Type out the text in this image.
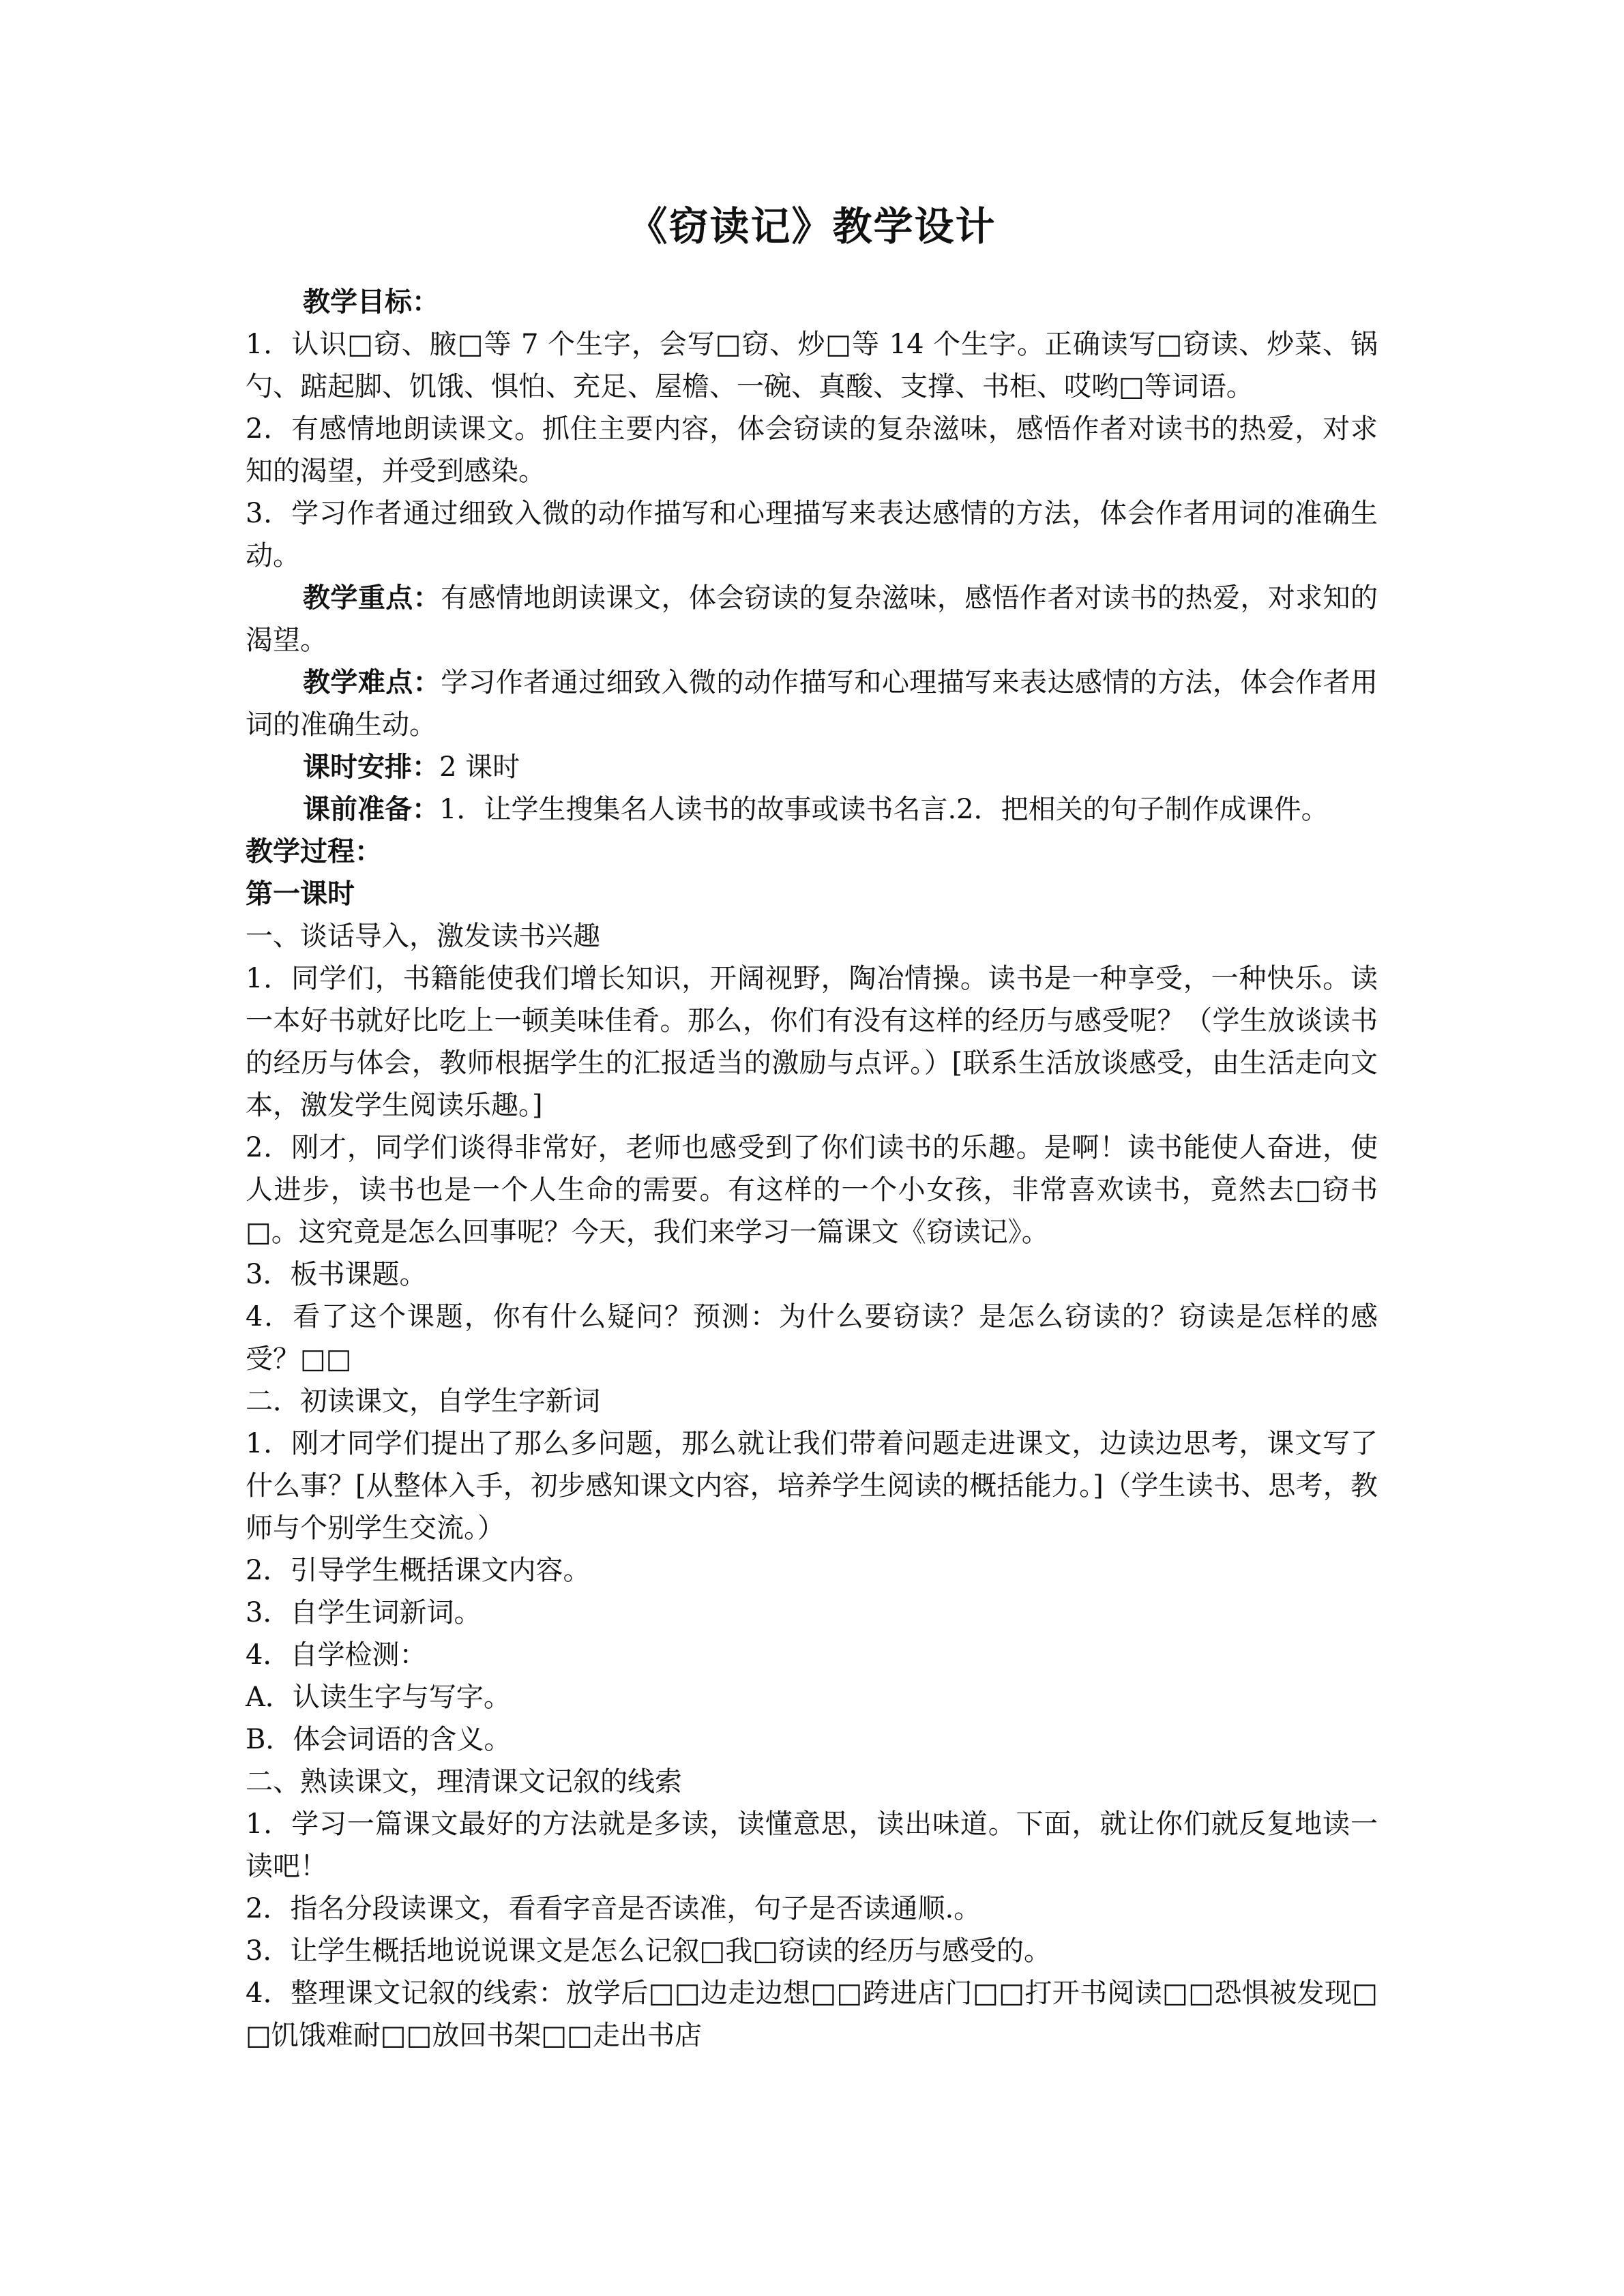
《窃读记》教学设计

教学目标：

1．认识□窃、腋□等 7 个生字，会写□窃、炒□等 14 个生字。正确读写□窃读、炒菜、锅勺、踮起脚、饥饿、惧怕、充足、屋檐、一碗、真酸、支撑、书柜、哎哟□等词语。

2．有感情地朗读课文。抓住主要内容，体会窃读的复杂滋味，感悟作者对读书的热爱，对求知的渴望，并受到感染。

3．学习作者通过细致入微的动作描写和心理描写来表达感情的方法，体会作者用词的准确生动。

教学重点：有感情地朗读课文，体会窃读的复杂滋味，感悟作者对读书的热爱，对求知的渴望。

教学难点：学习作者通过细致入微的动作描写和心理描写来表达感情的方法，体会作者用词的准确生动。

课时安排：2 课时

课前准备：1．让学生搜集名人读书的故事或读书名言.2．把相关的句子制作成课件。

教学过程：

第一课时

一、谈话导入，激发读书兴趣

1．同学们，书籍能使我们增长知识，开阔视野，陶冶情操。读书是一种享受，一种快乐。读一本好书就好比吃上一顿美味佳肴。那么，你们有没有这样的经历与感受呢？（学生放谈读书的经历与体会，教师根据学生的汇报适当的激励与点评。）[联系生活放谈感受，由生活走向文本，激发学生阅读乐趣。]

2．刚才，同学们谈得非常好，老师也感受到了你们读书的乐趣。是啊！读书能使人奋进，使人进步，读书也是一个人生命的需要。有这样的一个小女孩，非常喜欢读书，竟然去□窃书□。这究竟是怎么回事呢？今天，我们来学习一篇课文《窃读记》。

3．板书课题。

4．看了这个课题，你有什么疑问？预测：为什么要窃读？是怎么窃读的？窃读是怎样的感受？□□

二．初读课文，自学生字新词

1．刚才同学们提出了那么多问题，那么就让我们带着问题走进课文，边读边思考，课文写了什么事？[从整体入手，初步感知课文内容，培养学生阅读的概括能力。]（学生读书、思考，教师与个别学生交流。）

2．引导学生概括课文内容。

3．自学生词新词。

4．自学检测：

A．认读生字与写字。

B．体会词语的含义。

二、熟读课文，理清课文记叙的线索

1．学习一篇课文最好的方法就是多读，读懂意思，读出味道。下面，就让你们就反复地读一读吧！

2．指名分段读课文，看看字音是否读准，句子是否读通顺.。

3．让学生概括地说说课文是怎么记叙□我□窃读的经历与感受的。

4．整理课文记叙的线索：放学后□□边走边想□□跨进店门□□打开书阅读□□恐惧被发现□□饥饿难耐□□放回书架□□走出书店
